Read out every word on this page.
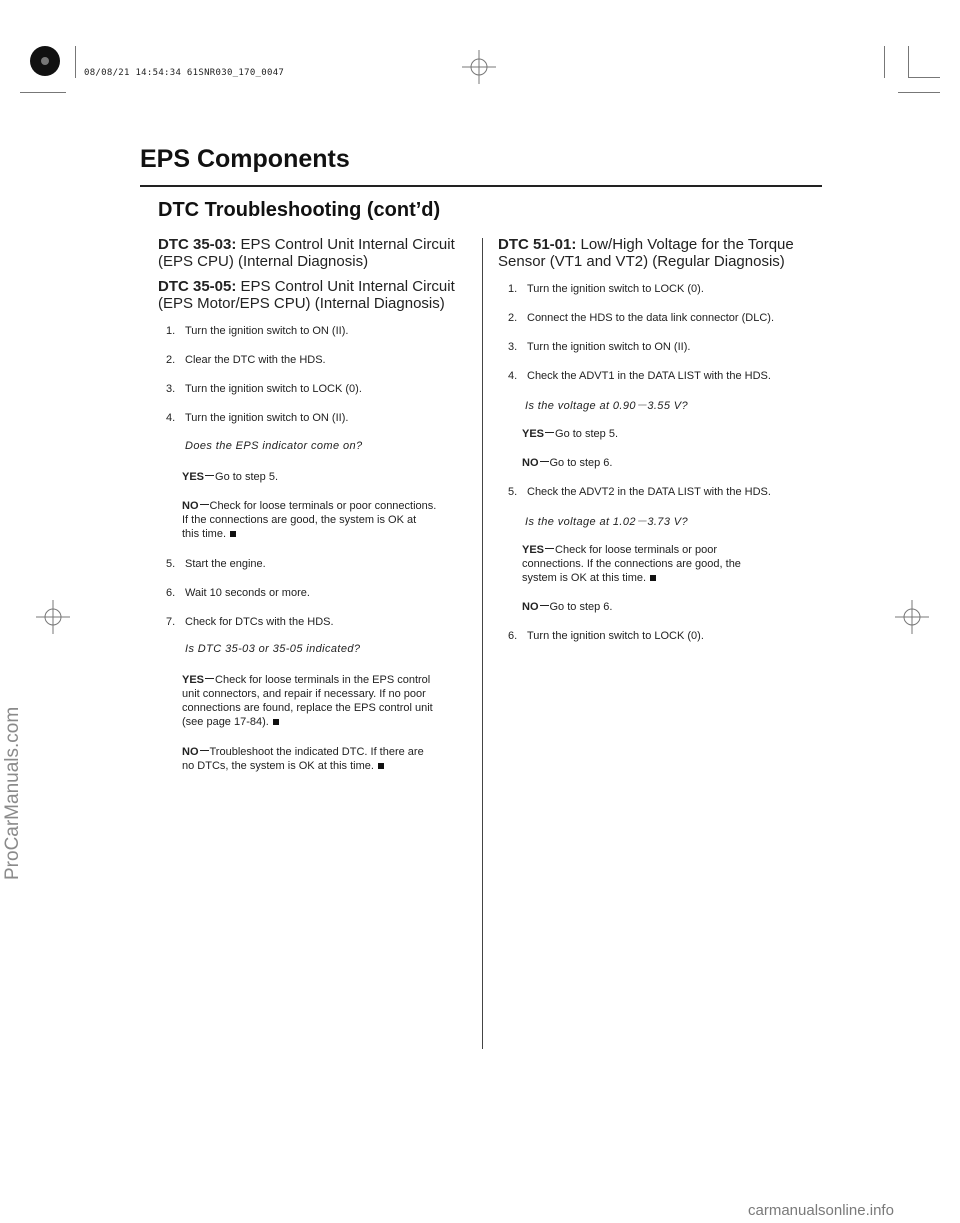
08/08/21 14:54:34 61SNR030_170_0047
EPS Components
DTC Troubleshooting (cont’d)
DTC 35-03: EPS Control Unit Internal Circuit
(EPS CPU) (Internal Diagnosis)
DTC 35-05: EPS Control Unit Internal Circuit
(EPS Motor/EPS CPU) (Internal Diagnosis)
1. Turn the ignition switch to ON (II).
2. Clear the DTC with the HDS.
3. Turn the ignition switch to LOCK (0).
4. Turn the ignition switch to ON (II).
Does the EPS indicator come on?
YES Go to step 5.
NO Check for loose terminals or poor connections.
If the connections are good, the system is OK at
this time.
5. Start the engine.
6. Wait 10 seconds or more.
7. Check for DTCs with the HDS.
Is DTC 35-03 or 35-05 indicated?
YES Check for loose terminals in the EPS control
unit connectors, and repair if necessary. If no poor
connections are found, replace the EPS control unit
(see page 17-84).
NO Troubleshoot the indicated DTC. If there are
no DTCs, the system is OK at this time.
DTC 51-01: Low/High Voltage for the Torque
Sensor (VT1 and VT2) (Regular Diagnosis)
1. Turn the ignition switch to LOCK (0).
2. Connect the HDS to the data link connector (DLC).
3. Turn the ignition switch to ON (II).
4. Check the ADVT1 in the DATA LIST with the HDS.
Is the voltage at 0.90－3.55 V?
YES Go to step 5.
NO Go to step 6.
5. Check the ADVT2 in the DATA LIST with the HDS.
Is the voltage at 1.02－3.73 V?
YES Check for loose terminals or poor
connections. If the connections are good, the
system is OK at this time.
NO Go to step 6.
6. Turn the ignition switch to LOCK (0).
ProCarManuals.com
carmanualsonline.info
